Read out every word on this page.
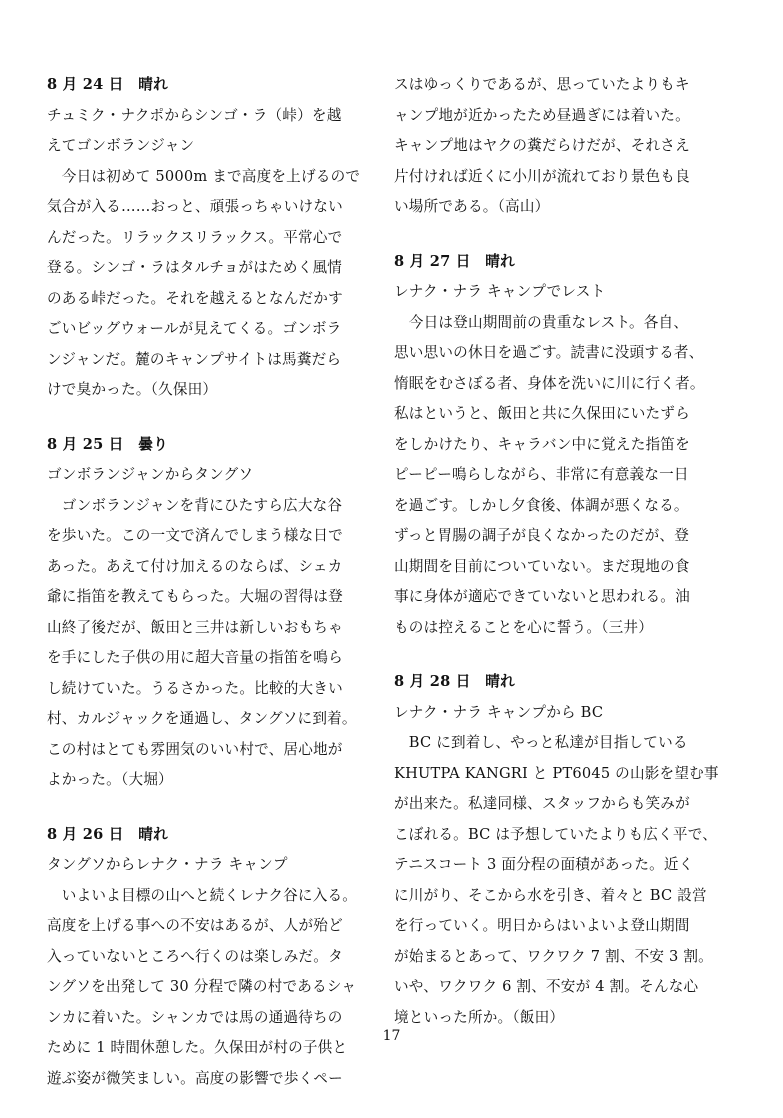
8 月 24 日　晴れ
チュミク・ナクポからシンゴ・ラ（峠）を越
えてゴンボランジャン
　今日は初めて 5000m まで高度を上げるので
気合が入る……おっと、頑張っちゃいけない
んだった。リラックスリラックス。平常心で
登る。シンゴ・ラはタルチョがはためく風情
のある峠だった。それを越えるとなんだかす
ごいビッグウォールが見えてくる。ゴンボラ
ンジャンだ。麓のキャンプサイトは馬糞だら
けで臭かった。（久保田）
8 月 25 日　曇り
ゴンボランジャンからタングソ
　ゴンボランジャンを背にひたすら広大な谷
を歩いた。この一文で済んでしまう様な日で
あった。あえて付け加えるのならば、シェカ
爺に指笛を教えてもらった。大堀の習得は登
山終了後だが、飯田と三井は新しいおもちゃ
を手にした子供の用に超大音量の指笛を鳴ら
し続けていた。うるさかった。比較的大きい
村、カルジャックを通過し、タングソに到着。
この村はとても雰囲気のいい村で、居心地が
よかった。（大堀）
8 月 26 日　晴れ
タングソからレナク・ナラ キャンプ
　いよいよ目標の山へと続くレナク谷に入る。
高度を上げる事への不安はあるが、人が殆ど
入っていないところへ行くのは楽しみだ。タ
ングソを出発して 30 分程で隣の村であるシャ
ンカに着いた。シャンカでは馬の通過待ちの
ために 1 時間休憩した。久保田が村の子供と
遊ぶ姿が微笑ましい。高度の影響で歩くペー
スはゆっくりであるが、思っていたよりもキ
ャンプ地が近かったため昼過ぎには着いた。
キャンプ地はヤクの糞だらけだが、それさえ
片付ければ近くに小川が流れており景色も良
い場所である。（高山）
8 月 27 日　晴れ
レナク・ナラ キャンプでレスト
　今日は登山期間前の貴重なレスト。各自、
思い思いの休日を過ごす。読書に没頭する者、
惰眠をむさぼる者、身体を洗いに川に行く者。
私はというと、飯田と共に久保田にいたずら
をしかけたり、キャラバン中に覚えた指笛を
ピーピー鳴らしながら、非常に有意義な一日
を過ごす。しかし夕食後、体調が悪くなる。
ずっと胃腸の調子が良くなかったのだが、登
山期間を目前についていない。まだ現地の食
事に身体が適応できていないと思われる。油
ものは控えることを心に誓う。（三井）
8 月 28 日　晴れ
レナク・ナラ キャンプから BC
　BC に到着し、やっと私達が目指している
KHUTPA KANGRI と PT6045 の山影を望む事
が出来た。私達同様、スタッフからも笑みが
こぼれる。BC は予想していたよりも広く平で、
テニスコート 3 面分程の面積があった。近く
に川がり、そこから水を引き、着々と BC 設営
を行っていく。明日からはいよいよ登山期間
が始まるとあって、ワクワク 7 割、不安 3 割。
いや、ワクワク 6 割、不安が 4 割。そんな心
境といった所か。（飯田）
17
